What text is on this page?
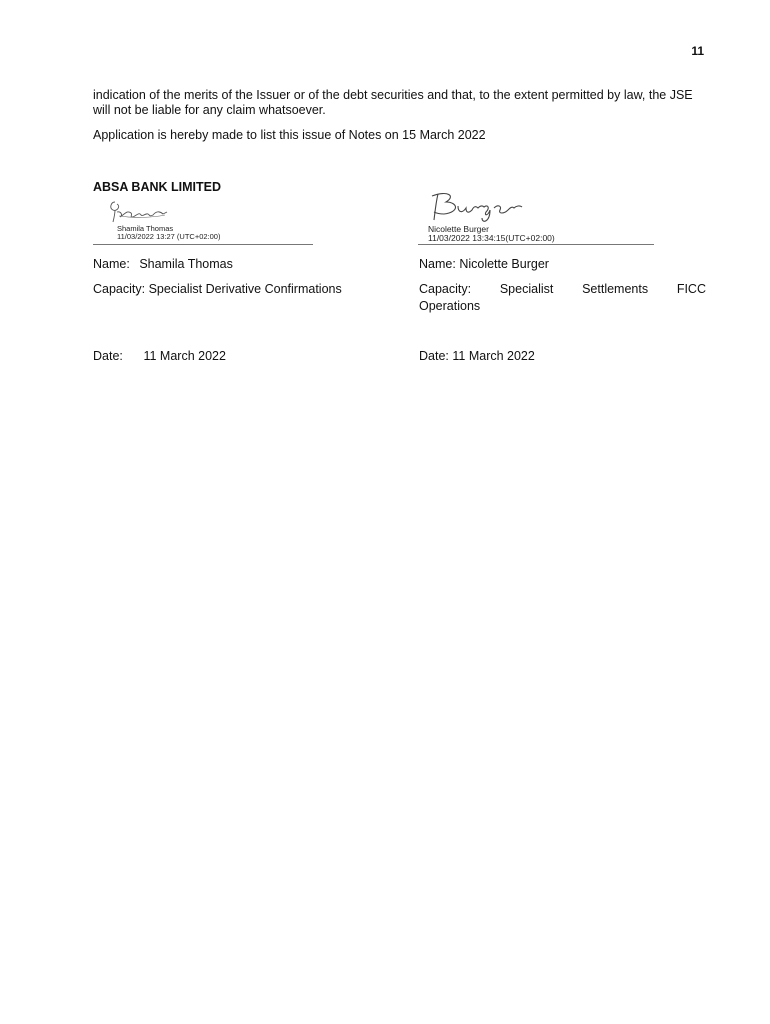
11

indication of the merits of the Issuer or of the debt securities and that, to the extent permitted by law, the JSE will not be liable for any claim whatsoever.

Application is hereby made to list this issue of Notes on 15 March 2022

ABSA BANK LIMITED
Shamila Thomas
11/03/2022 13:27 (UTC+02:00)
Nicolette Burger
11/03/2022 13:34:15(UTC+02:00)
Name: Shamila Thomas
Capacity: Specialist Derivative Confirmations
Date: 11 March 2022
Name: Nicolette Burger
Capacity: Specialist Settlements FICC
Operations
Date: 11 March 2022
